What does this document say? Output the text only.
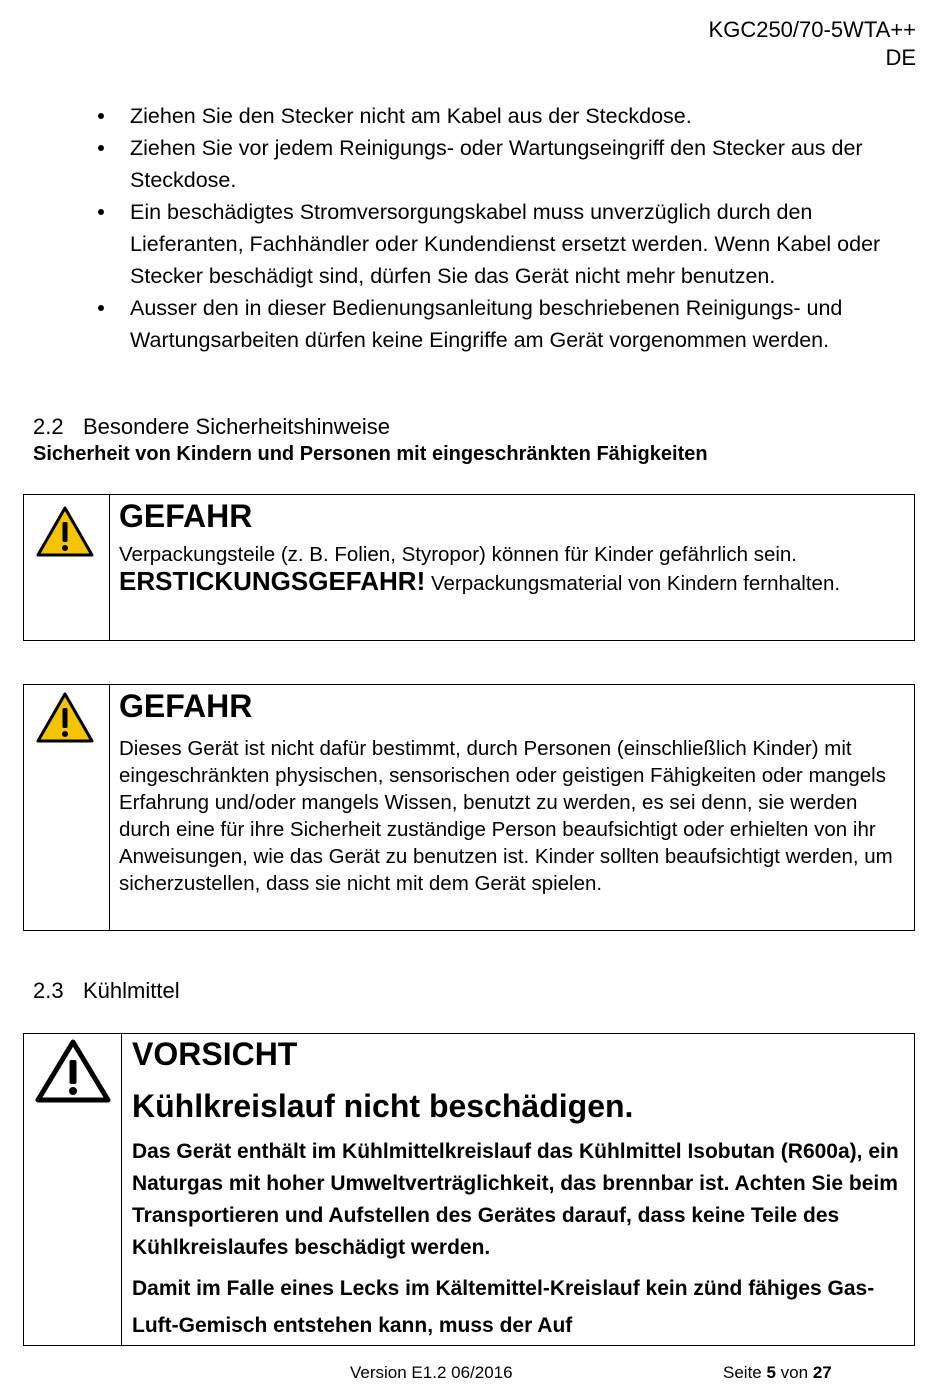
KGC250/70-5WTA++
DE
Ziehen Sie den Stecker nicht am Kabel aus der Steckdose.
Ziehen Sie vor jedem Reinigungs- oder Wartungseingriff den Stecker aus der Steckdose.
Ein beschädigtes Stromversorgungskabel muss unverzüglich durch den Lieferanten, Fachhändler oder Kundendienst ersetzt werden. Wenn Kabel oder Stecker beschädigt sind, dürfen Sie das Gerät nicht mehr benutzen.
Ausser den in dieser Bedienungsanleitung beschriebenen Reinigungs- und Wartungsarbeiten dürfen keine Eingriffe am Gerät vorgenommen werden.
2.2 Besondere Sicherheitshinweise
Sicherheit von Kindern und Personen mit eingeschränkten Fähigkeiten
GEFAHR
Verpackungsteile (z. B. Folien, Styropor) können für Kinder gefährlich sein.
ERSTICKUNGSGEFAHR! Verpackungsmaterial von Kindern fernhalten.
GEFAHR
Dieses Gerät ist nicht dafür bestimmt, durch Personen (einschließlich Kinder) mit eingeschränkten physischen, sensorischen oder geistigen Fähigkeiten oder mangels Erfahrung und/oder mangels Wissen, benutzt zu werden, es sei denn, sie werden durch eine für ihre Sicherheit zuständige Person beaufsichtigt oder erhielten von ihr Anweisungen, wie das Gerät zu benutzen ist. Kinder sollten beaufsichtigt werden, um sicherzustellen, dass sie nicht mit dem Gerät spielen.
2.3 Kühlmittel
VORSICHT
Kühlkreislauf nicht beschädigen.
Das Gerät enthält im Kühlmittelkreislauf das Kühlmittel Isobutan (R600a), ein Naturgas mit hoher Umweltverträglichkeit, das brennbar ist. Achten Sie beim Transportieren und Aufstellen des Gerätes darauf, dass keine Teile des Kühlkreislaufes beschädigt werden.
Damit im Falle eines Lecks im Kältemittel-Kreislauf kein zünd fähiges Gas-Luft-Gemisch entstehen kann, muss der Auf
Version E1.2 06/2016	Seite 5 von 27
